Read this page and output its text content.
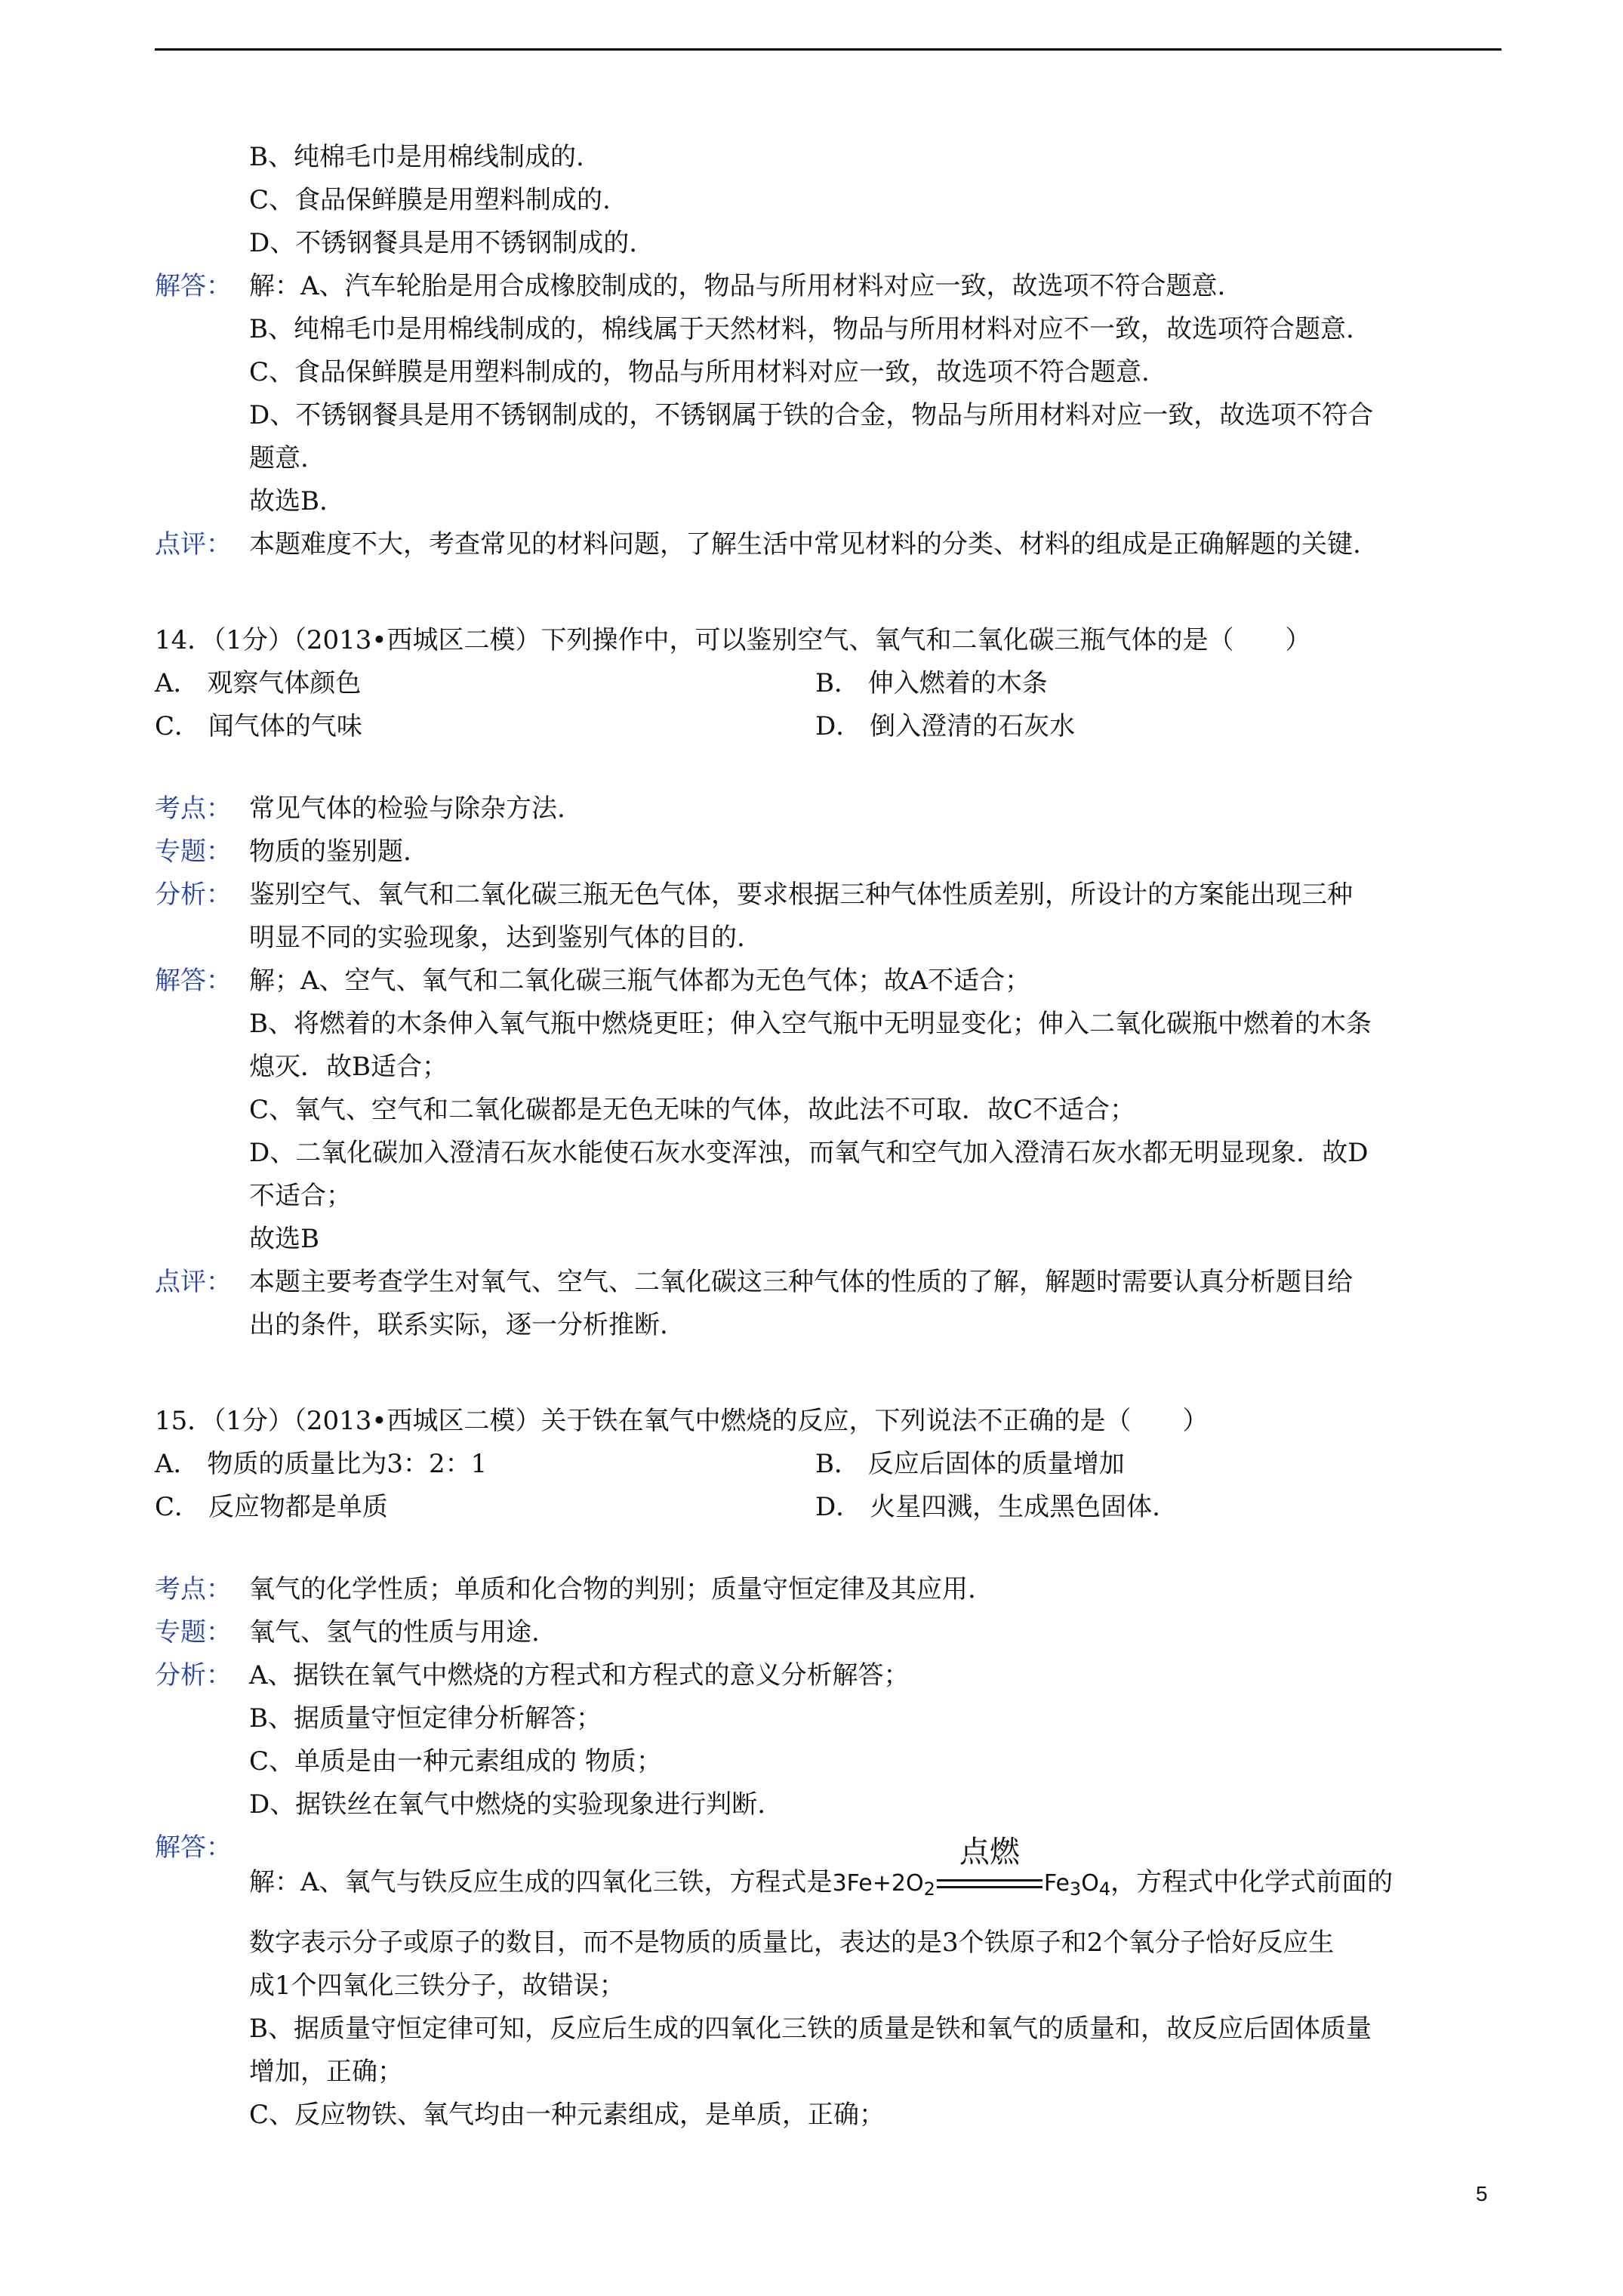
B、纯棉毛巾是用棉线制成的.
C、食品保鲜膜是用塑料制成的.
D、不锈钢餐具是用不锈钢制成的.
解答： 解：A、汽车轮胎是用合成橡胶制成的，物品与所用材料对应一致，故选项不符合题意.
B、纯棉毛巾是用棉线制成的，棉线属于天然材料，物品与所用材料对应不一致，故选项符合题意.
C、食品保鲜膜是用塑料制成的，物品与所用材料对应一致，故选项不符合题意.
D、不锈钢餐具是用不锈钢制成的，不锈钢属于铁的合金，物品与所用材料对应一致，故选项不符合
题意.
故选B.
点评： 本题难度不大，考查常见的材料问题，了解生活中常见材料的分类、材料的组成是正确解题的关键.
14．（1分）（2013•西城区二模）下列操作中，可以鉴别空气、氧气和二氧化碳三瓶气体的是（　　）
A． 观察气体颜色	B． 伸入燃着的木条
C． 闻气体的气味	D． 倒入澄清的石灰水
考点： 常见气体的检验与除杂方法.
专题： 物质的鉴别题.
分析： 鉴别空气、氧气和二氧化碳三瓶无色气体，要求根据三种气体性质差别，所设计的方案能出现三种
明显不同的实验现象，达到鉴别气体的目的.
解答： 解；A、空气、氧气和二氧化碳三瓶气体都为无色气体；故A不适合；
B、将燃着的木条伸入氧气瓶中燃烧更旺；伸入空气瓶中无明显变化；伸入二氧化碳瓶中燃着的木条
熄灭．故B适合；
C、氧气、空气和二氧化碳都是无色无味的气体，故此法不可取．故C不适合；
D、二氧化碳加入澄清石灰水能使石灰水变浑浊，而氧气和空气加入澄清石灰水都无明显现象．故D
不适合；
故选B
点评： 本题主要考查学生对氧气、空气、二氧化碳这三种气体的性质的了解，解题时需要认真分析题目给
出的条件，联系实际，逐一分析推断.
15．（1分）（2013•西城区二模）关于铁在氧气中燃烧的反应，下列说法不正确的是（　　）
A． 物质的质量比为3：2：1	B． 反应后固体的质量增加
C． 反应物都是单质	D． 火星四溅，生成黑色固体.
考点： 氧气的化学性质；单质和化合物的判别；质量守恒定律及其应用.
专题： 氧气、氢气的性质与用途.
分析： A、据铁在氧气中燃烧的方程式和方程式的意义分析解答；
B、据质量守恒定律分析解答；
C、单质是由一种元素组成的 物质；
D、据铁丝在氧气中燃烧的实验现象进行判断.
解答：
解：A、氧气与铁反应生成的四氧化三铁，方程式是$3Fe+2O_2$
点燃
$Fe_3O_4$，方程式中化学式前面的
数字表示分子或原子的数目，而不是物质的质量比，表达的是3个铁原子和2个氧分子恰好反应生
成1个四氧化三铁分子，故错误；
B、据质量守恒定律可知，反应后生成的四氧化三铁的质量是铁和氧气的质量和，故反应后固体质量
增加，正确；
C、反应物铁、氧气均由一种元素组成，是单质，正确；
5
